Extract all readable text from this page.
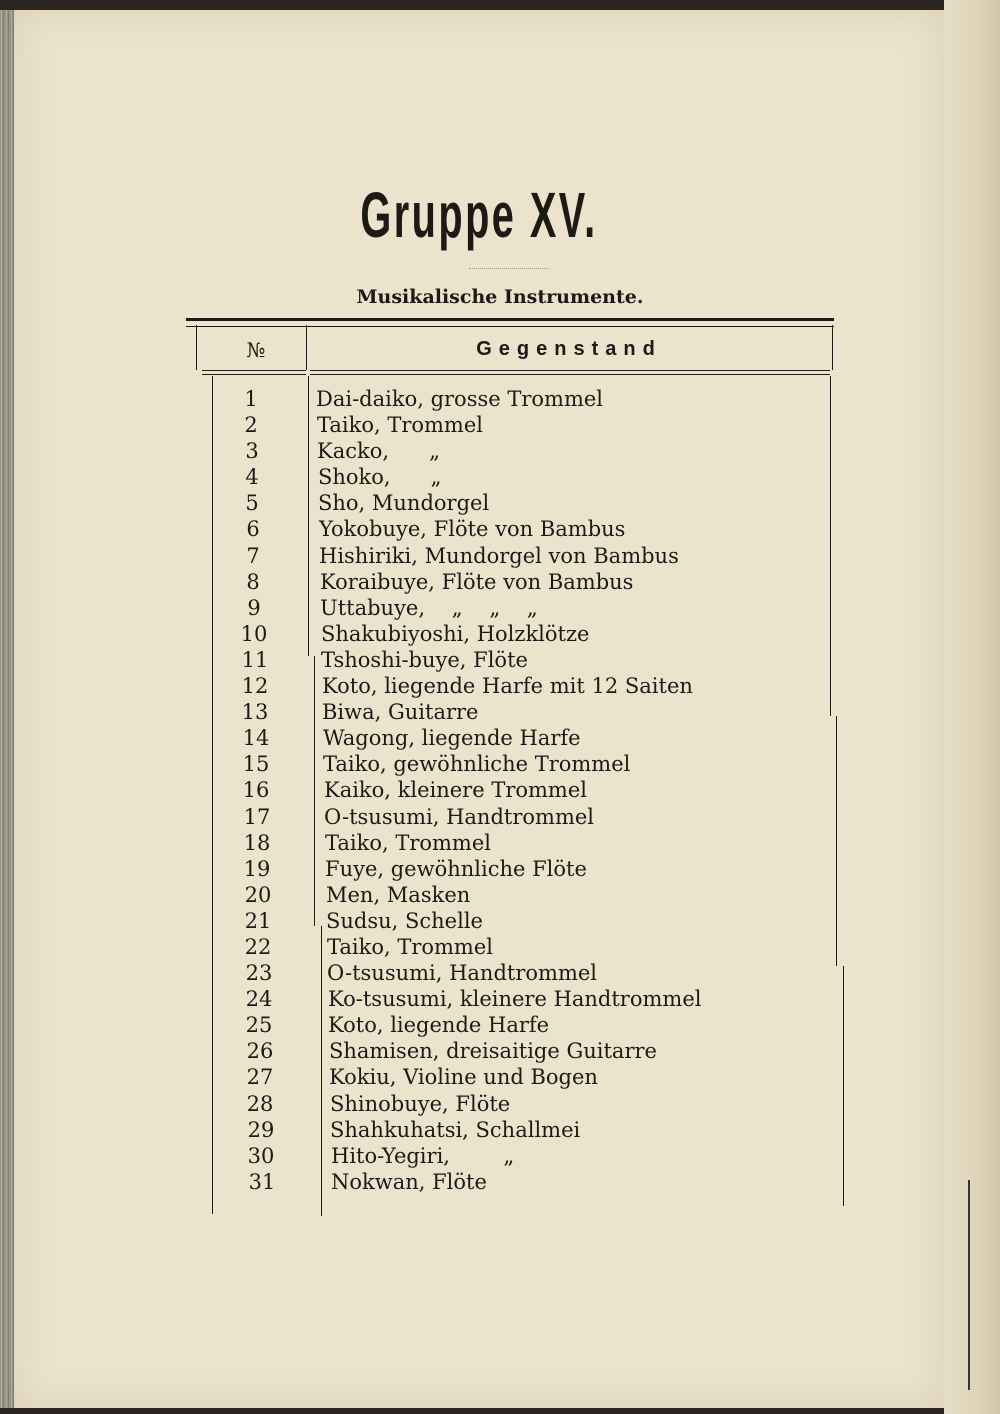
Gruppe XV.
Musikalische Instrumente.
№	Gegenstand
1	Dai-daiko, grosse Trommel
2	Taiko, Trommel
3	Kacko,      „
4	Shoko,      „
5	Sho, Mundorgel
6	Yokobuye, Flöte von Bambus
7	Hishiriki, Mundorgel von Bambus
8	Koraibuye, Flöte von Bambus
9	Uttabuye,    „    „    „
10	Shakubiyoshi, Holzklötze
11	Tshoshi-buye, Flöte
12	Koto, liegende Harfe mit 12 Saiten
13	Biwa, Guitarre
14	Wagong, liegende Harfe
15	Taiko, gewöhnliche Trommel
16	Kaiko, kleinere Trommel
17	O-tsusumi, Handtrommel
18	Taiko, Trommel
19	Fuye, gewöhnliche Flöte
20	Men, Masken
21	Sudsu, Schelle
22	Taiko, Trommel
23	O-tsusumi, Handtrommel
24	Ko-tsusumi, kleinere Handtrommel
25	Koto, liegende Harfe
26	Shamisen, dreisaitige Guitarre
27	Kokiu, Violine und Bogen
28	Shinobuye, Flöte
29	Shahkuhatsi, Schallmei
30	Hito-Yegiri,        „
31	Nokwan, Flöte
